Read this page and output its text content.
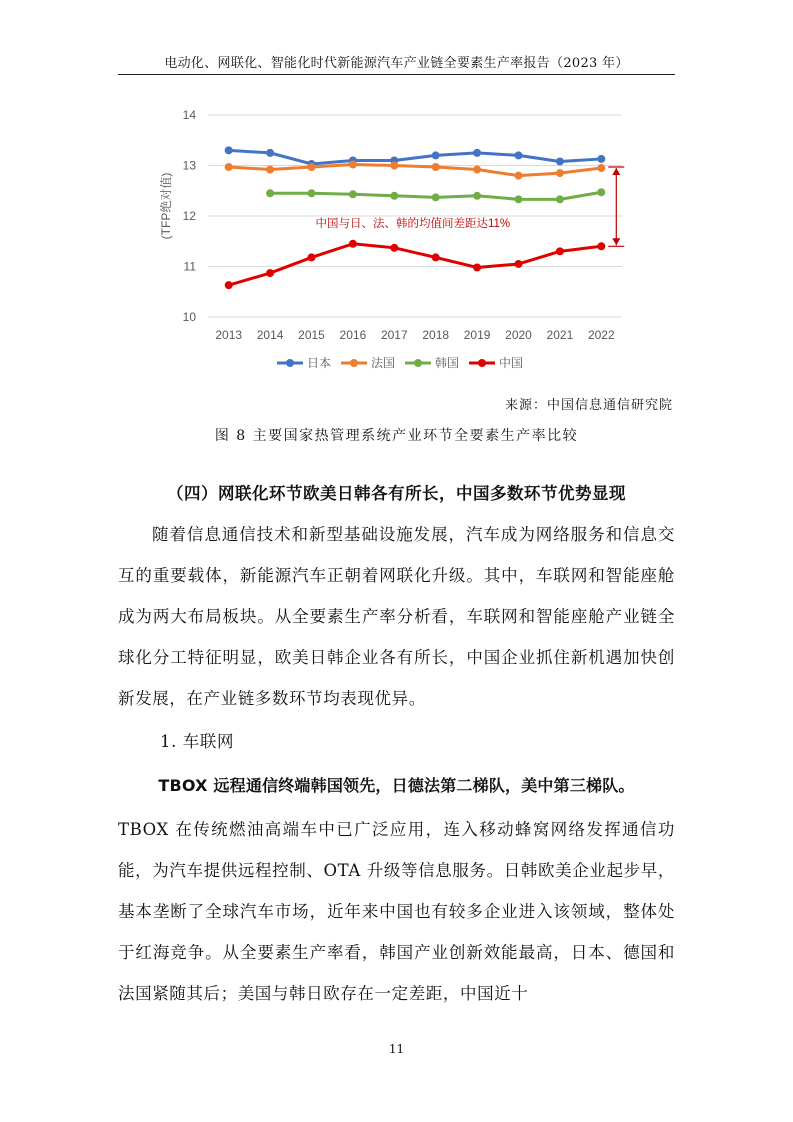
电动化、网联化、智能化时代新能源汽车产业链全要素生产率报告（2023 年）
10
11
12
13
14
(TFP绝对值)
2013 2014 2015 2016 2017 2018 2019 2020 2021 2022
中国与日、法、韩的均值间差距达11%
日本	法国	韩国	中国
来源：中国信息通信研究院
图 8 主要国家热管理系统产业环节全要素生产率比较
（四）网联化环节欧美日韩各有所长，中国多数环节优势显现

随着信息通信技术和新型基础设施发展，汽车成为网络服务和信息交互的重要载体，新能源汽车正朝着网联化升级。其中，车联网和智能座舱成为两大布局板块。从全要素生产率分析看，车联网和智能座舱产业链全球化分工特征明显，欧美日韩企业各有所长，中国企业抓住新机遇加快创新发展，在产业链多数环节均表现优异。

1. 车联网
TBOX 远程通信终端韩国领先，日德法第二梯队，美中第三梯队。

TBOX 在传统燃油高端车中已广泛应用，连入移动蜂窝网络发挥通信功能，为汽车提供远程控制、OTA 升级等信息服务。日韩欧美企业起步早，基本垄断了全球汽车市场，近年来中国也有较多企业进入该领域，整体处于红海竞争。从全要素生产率看，韩国产业创新效能最高，日本、德国和法国紧随其后；美国与韩日欧存在一定差距，中国近十

11
